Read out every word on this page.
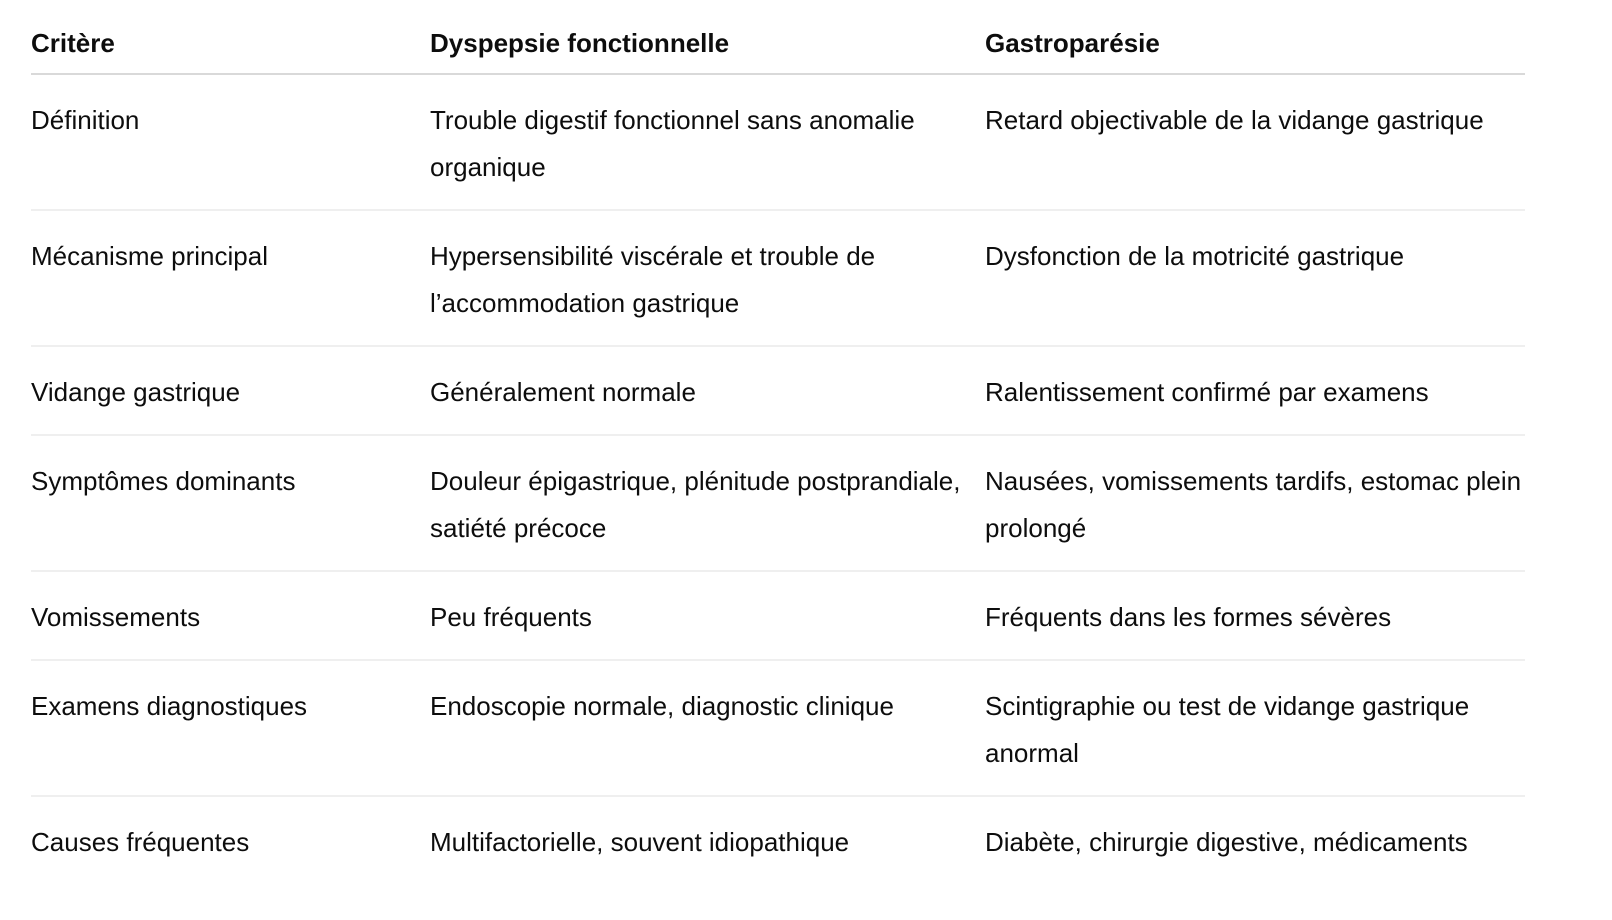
Critère	Dyspepsie fonctionnelle	Gastroparésie
Définition	Trouble digestif fonctionnel sans anomalie organique	Retard objectivable de la vidange gastrique
Mécanisme principal	Hypersensibilité viscérale et trouble de l’accommodation gastrique	Dysfonction de la motricité gastrique
Vidange gastrique	Généralement normale	Ralentissement confirmé par examens
Symptômes dominants	Douleur épigastrique, plénitude postprandiale, satiété précoce	Nausées, vomissements tardifs, estomac plein prolongé
Vomissements	Peu fréquents	Fréquents dans les formes sévères
Examens diagnostiques	Endoscopie normale, diagnostic clinique	Scintigraphie ou test de vidange gastrique anormal
Causes fréquentes	Multifactorielle, souvent idiopathique	Diabète, chirurgie digestive, médicaments
